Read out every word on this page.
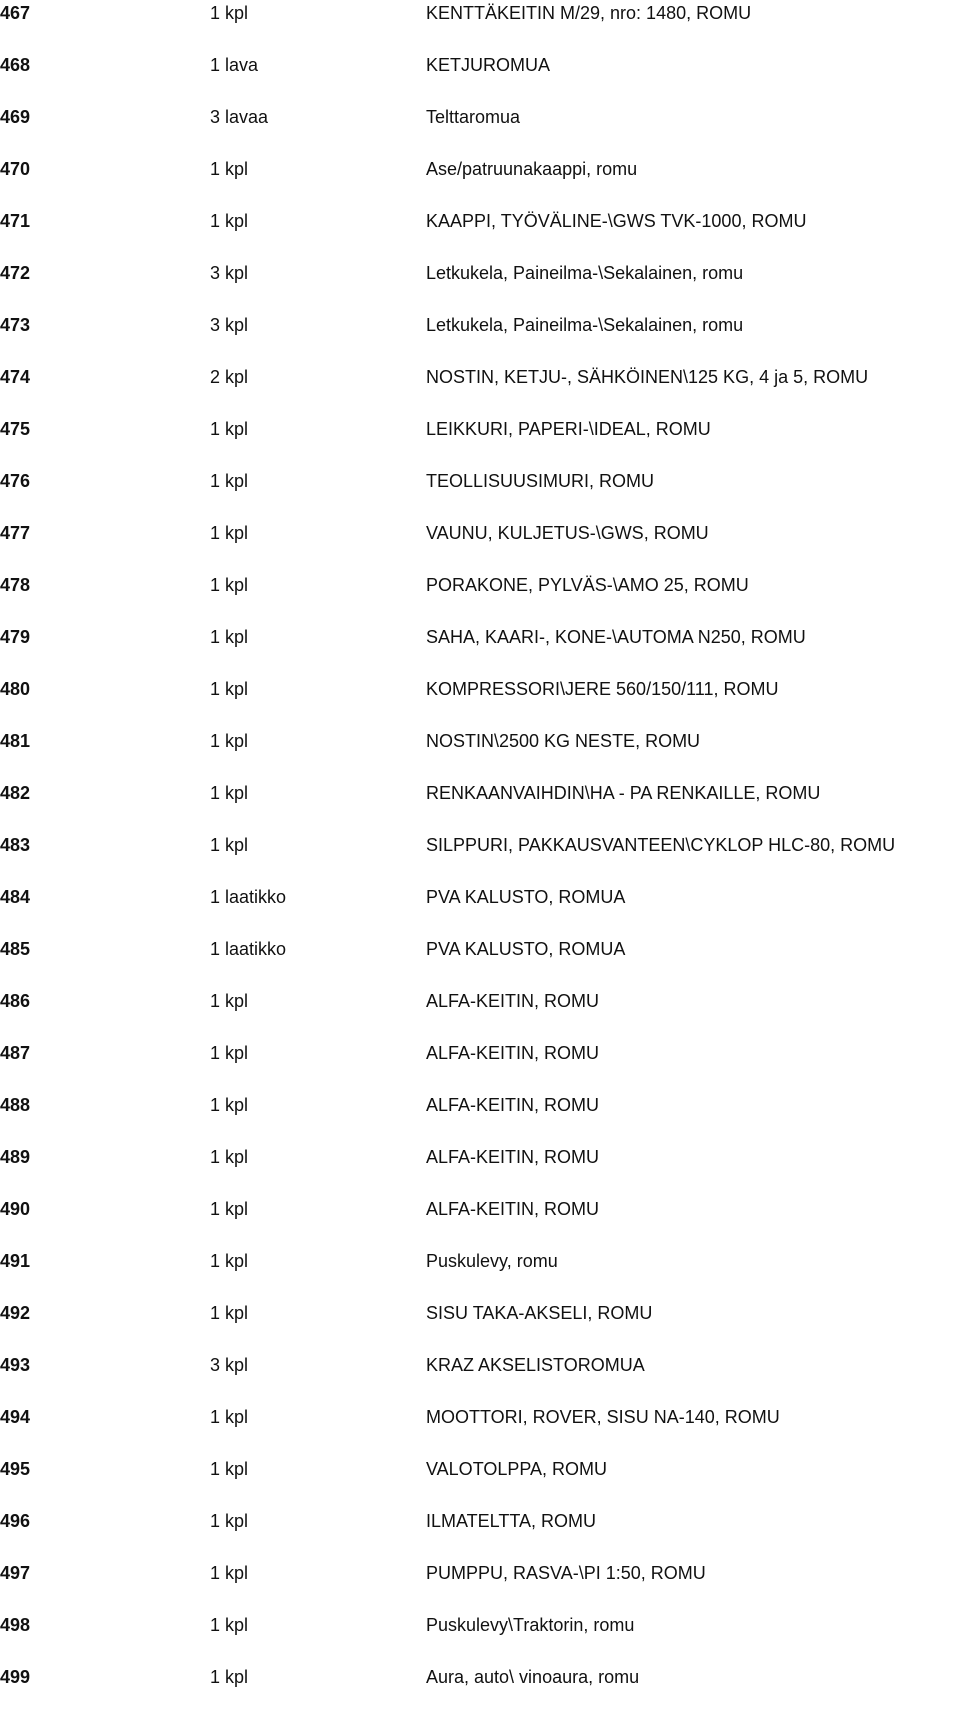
467	1 kpl	KENTTÄKEITIN M/29, nro: 1480, ROMU
468	1 lava	KETJUROMUA
469	3 lavaa	Telttaromua
470	1 kpl	Ase/patruunakaappi, romu
471	1 kpl	KAAPPI, TYÖVÄLINE-\GWS TVK-1000, ROMU
472	3 kpl	Letkukela, Paineilma-\Sekalainen, romu
473	3 kpl	Letkukela, Paineilma-\Sekalainen, romu
474	2 kpl	NOSTIN, KETJU-, SÄHKÖINEN\125 KG, 4 ja 5, ROMU
475	1 kpl	LEIKKURI, PAPERI-\IDEAL, ROMU
476	1 kpl	TEOLLISUUSIMURI, ROMU
477	1 kpl	VAUNU, KULJETUS-\GWS, ROMU
478	1 kpl	PORAKONE, PYLVÄS-\AMO 25, ROMU
479	1 kpl	SAHA, KAARI-, KONE-\AUTOMA N250, ROMU
480	1 kpl	KOMPRESSORI\JERE 560/150/111, ROMU
481	1 kpl	NOSTIN\2500 KG NESTE, ROMU
482	1 kpl	RENKAANVAIHDIN\HA - PA RENKAILLE, ROMU
483	1 kpl	SILPPURI, PAKKAUSVANTEEN\CYKLOP HLC-80, ROMU
484	1 laatikko	PVA KALUSTO, ROMUA
485	1 laatikko	PVA KALUSTO, ROMUA
486	1 kpl	ALFA-KEITIN, ROMU
487	1 kpl	ALFA-KEITIN, ROMU
488	1 kpl	ALFA-KEITIN, ROMU
489	1 kpl	ALFA-KEITIN, ROMU
490	1 kpl	ALFA-KEITIN, ROMU
491	1 kpl	Puskulevy, romu
492	1 kpl	SISU TAKA-AKSELI, ROMU
493	3 kpl	KRAZ AKSELISTOROMUA
494	1 kpl	MOOTTORI, ROVER, SISU NA-140, ROMU
495	1 kpl	VALOTOLPPA, ROMU
496	1 kpl	ILMATELTTA, ROMU
497	1 kpl	PUMPPU, RASVA-\PI 1:50, ROMU
498	1 kpl	Puskulevy\Traktorin, romu
499	1 kpl	Aura, auto\ vinoaura, romu
